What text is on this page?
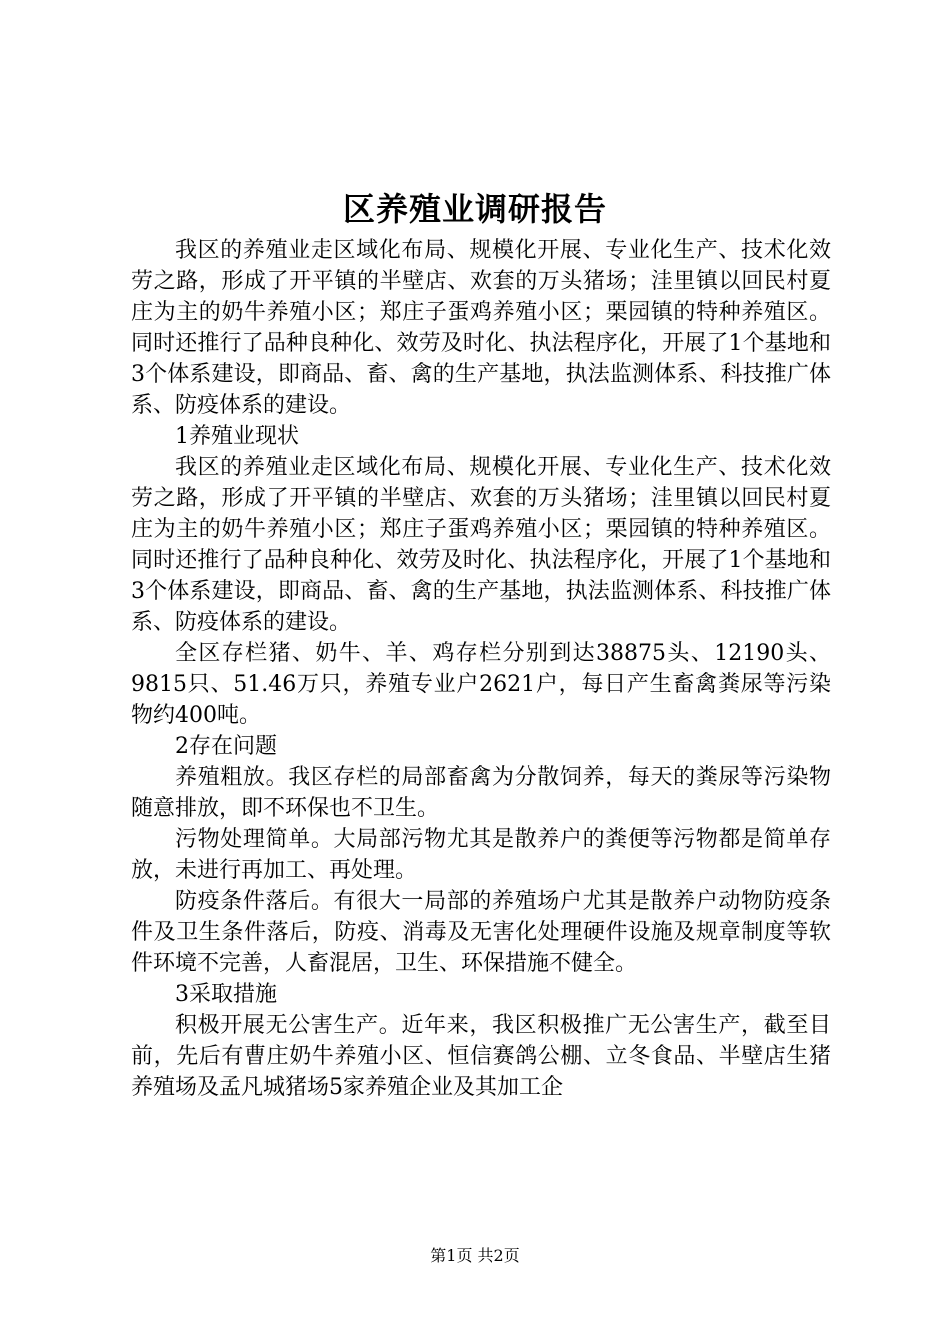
区养殖业调研报告

我区的养殖业走区域化布局、规模化开展、专业化生产、技术化效劳之路，形成了开平镇的半壁店、欢套的万头猪场；洼里镇以回民村夏庄为主的奶牛养殖小区；郑庄子蛋鸡养殖小区；栗园镇的特种养殖区。同时还推行了品种良种化、效劳及时化、执法程序化，开展了1个基地和3个体系建设，即商品、畜、禽的生产基地，执法监测体系、科技推广体系、防疫体系的建设。

1养殖业现状

我区的养殖业走区域化布局、规模化开展、专业化生产、技术化效劳之路，形成了开平镇的半壁店、欢套的万头猪场；洼里镇以回民村夏庄为主的奶牛养殖小区；郑庄子蛋鸡养殖小区；栗园镇的特种养殖区。同时还推行了品种良种化、效劳及时化、执法程序化，开展了1个基地和3个体系建设，即商品、畜、禽的生产基地，执法监测体系、科技推广体系、防疫体系的建设。

全区存栏猪、奶牛、羊、鸡存栏分别到达38875头、12190头、9815只、51.46万只，养殖专业户2621户，每日产生畜禽粪尿等污染物约400吨。

2存在问题

养殖粗放。我区存栏的局部畜禽为分散饲养，每天的粪尿等污染物随意排放，即不环保也不卫生。

污物处理简单。大局部污物尤其是散养户的粪便等污物都是简单存放，未进行再加工、再处理。

防疫条件落后。有很大一局部的养殖场户尤其是散养户动物防疫条件及卫生条件落后，防疫、消毒及无害化处理硬件设施及规章制度等软件环境不完善，人畜混居，卫生、环保措施不健全。

3采取措施

积极开展无公害生产。近年来，我区积极推广无公害生产，截至目前，先后有曹庄奶牛养殖小区、恒信赛鸽公棚、立冬食品、半壁店生猪养殖场及孟凡城猪场5家养殖企业及其加工企

第1页 共2页
